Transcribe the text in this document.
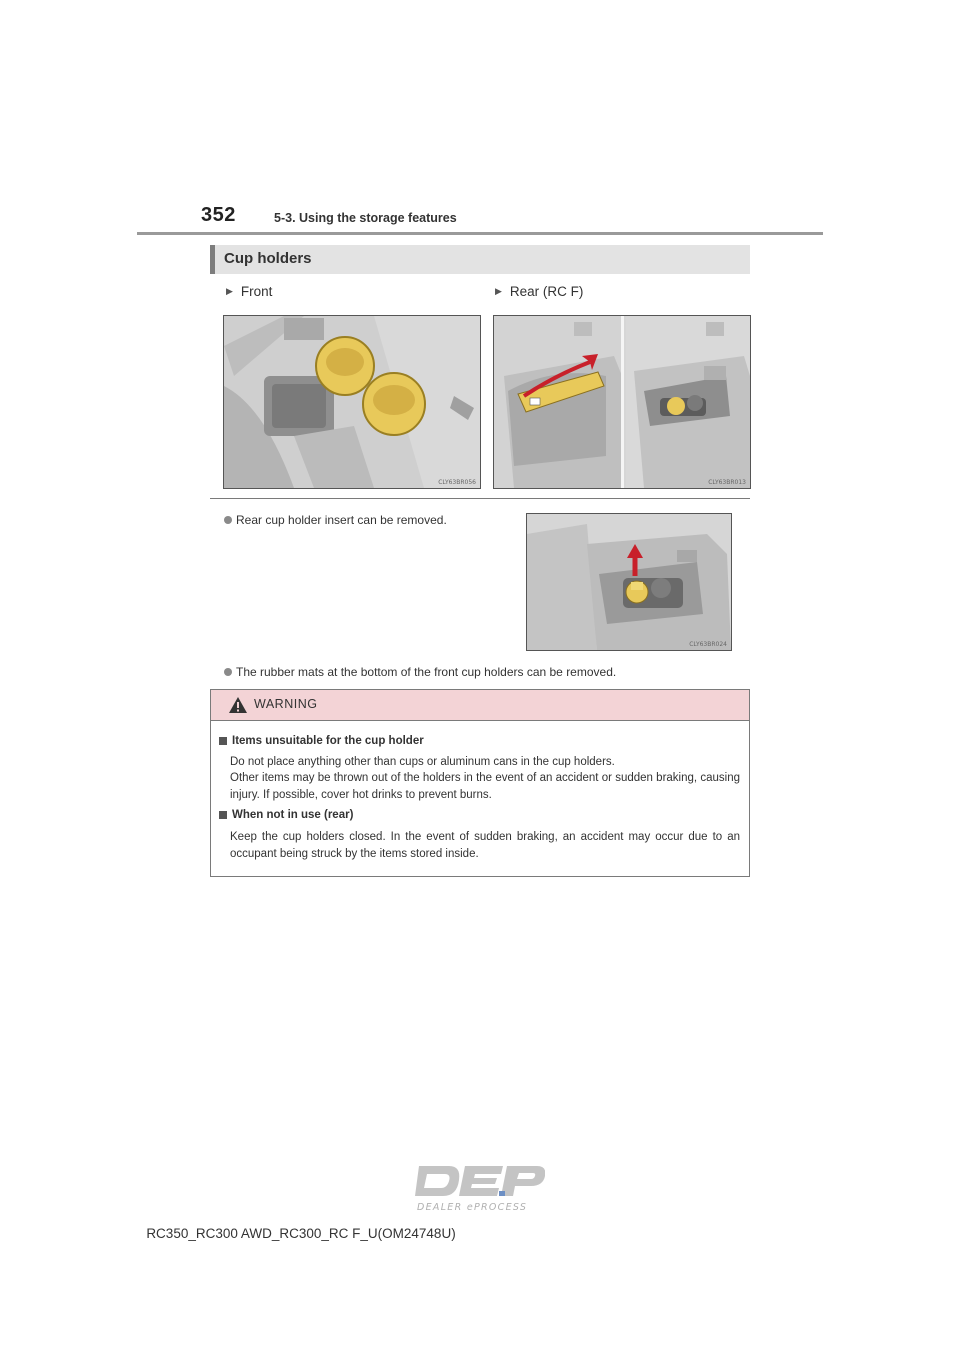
352	5-3. Using the storage features
Cup holders
▶ Front	▶ Rear (RC F)
CLY63BR056	CLY63BR013
Rear cup holder insert can be removed.
CLY63BR024
The rubber mats at the bottom of the front cup holders can be removed.
WARNING
Items unsuitable for the cup holder
Do not place anything other than cups or aluminum cans in the cup holders.
Other items may be thrown out of the holders in the event of an accident or sudden braking, causing injury. If possible, cover hot drinks to prevent burns.
When not in use (rear)
Keep the cup holders closed. In the event of sudden braking, an accident may occur due to an occupant being struck by the items stored inside.
DEALER ePROCESS
RC350_RC300 AWD_RC300_RC F_U(OM24748U)
